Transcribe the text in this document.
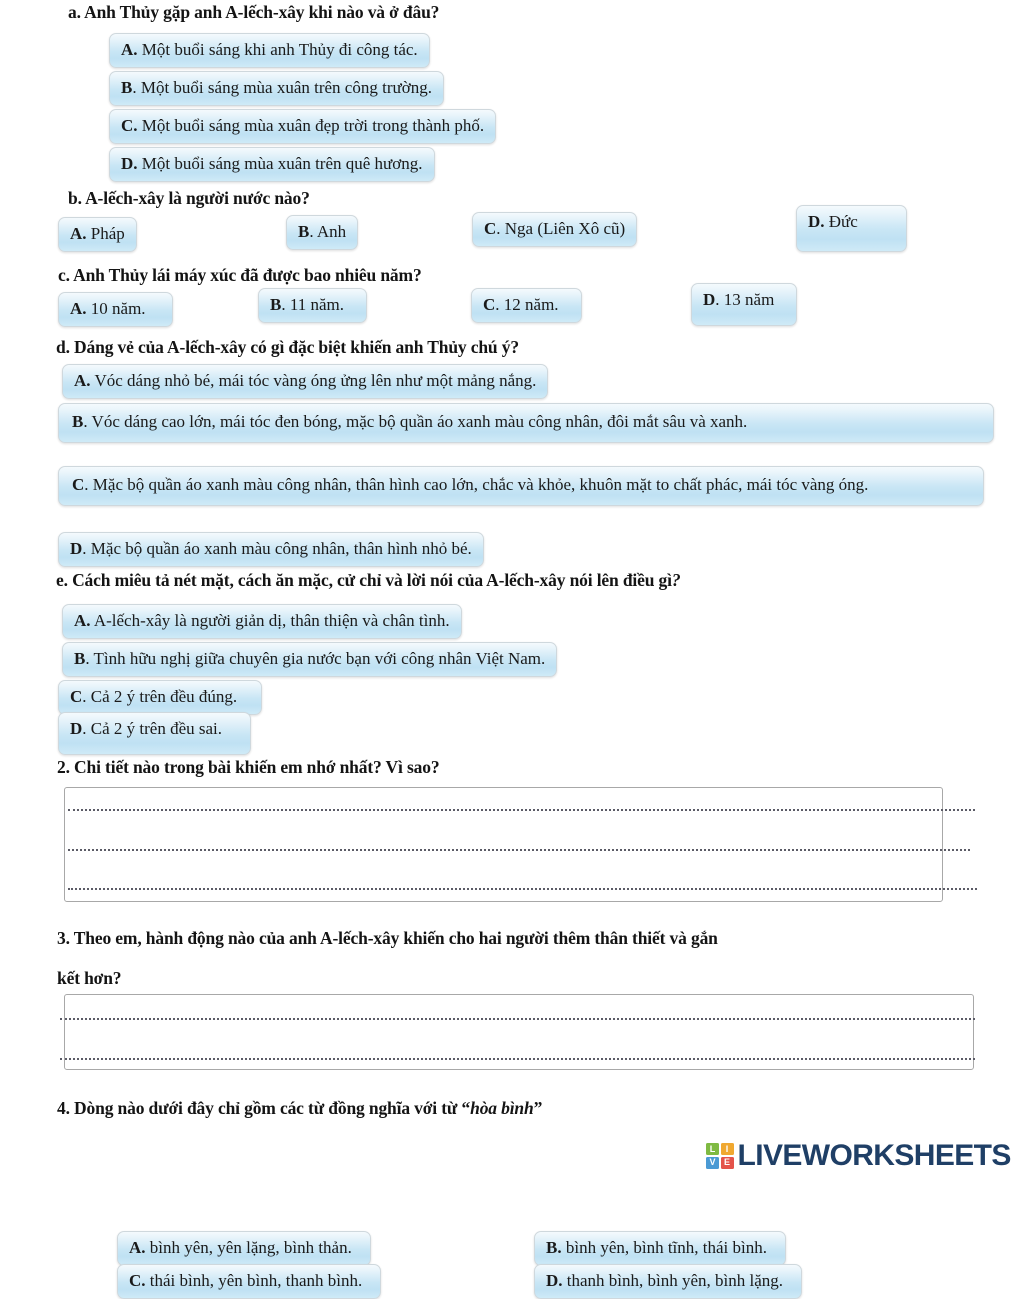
a. Anh Thủy gặp anh A-lếch-xây khi nào và ở đâu?
A. Một buổi sáng khi anh Thủy đi công tác.
B. Một buổi sáng mùa xuân trên công trường.
C. Một buổi sáng mùa xuân đẹp trời trong thành phố.
D. Một buổi sáng mùa xuân trên quê hương.
b. A-lếch-xây là người nước nào?
A. Pháp	B. Anh	C. Nga (Liên Xô cũ)	D. Đức
c. Anh Thủy lái máy xúc đã được bao nhiêu năm?
A. 10 năm.	B. 11 năm.	C. 12 năm.	D. 13 năm
d. Dáng vẻ của A-lếch-xây có gì đặc biệt khiến anh Thủy chú ý?
A. Vóc dáng nhỏ bé, mái tóc vàng óng ửng lên như một mảng nắng.
B. Vóc dáng cao lớn, mái tóc đen bóng, mặc bộ quần áo xanh màu công nhân, đôi mắt sâu và xanh.
C. Mặc bộ quần áo xanh màu công nhân, thân hình cao lớn, chắc và khỏe, khuôn mặt to chất phác, mái tóc vàng óng.
D. Mặc bộ quần áo xanh màu công nhân, thân hình nhỏ bé.
e. Cách miêu tả nét mặt, cách ăn mặc, cử chỉ và lời nói của A-lếch-xây nói lên điều gì?
A. A-lếch-xây là người giản dị, thân thiện và chân tình.
B. Tình hữu nghị giữa chuyên gia nước bạn với công nhân Việt Nam.
C. Cả 2 ý trên đều đúng.
D. Cả 2 ý trên đều sai.
2. Chi tiết nào trong bài khiến em nhớ nhất? Vì sao?
3. Theo em, hành động nào của anh A-lếch-xây khiến cho hai người thêm thân thiết và gắn
kết hơn?
4. Dòng nào dưới đây chỉ gồm các từ đồng nghĩa với từ “hòa bình”
L I
V E LIVEWORKSHEETS
A. bình yên, yên lặng, bình thản.	B. bình yên, bình tĩnh, thái bình.
C. thái bình, yên bình, thanh bình.	D. thanh bình, bình yên, bình lặng.
